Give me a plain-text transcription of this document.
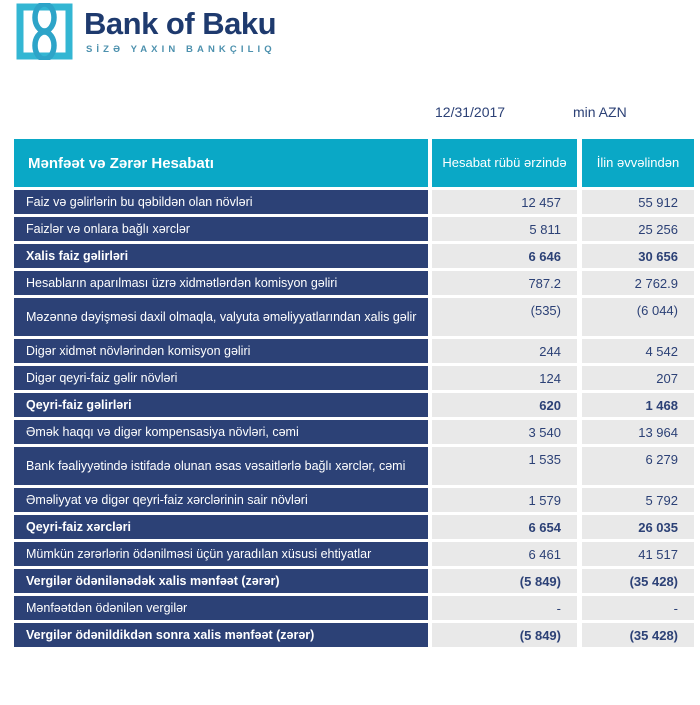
Bank of Baku
SİZƏ YAXIN BANKÇILIQ
12/31/2017	min AZN
Mənfəət və Zərər Hesabatı	Hesabat rübü ərzində	İlin əvvəlindən
Faiz və gəlirlərin bu qəbildən olan növləri	12 457	55 912
Faizlər və onlara bağlı xərclər	5 811	25 256
Xalis faiz gəlirləri	6 646	30 656
Hesabların aparılması üzrə xidmətlərdən komisyon gəliri	787.2	2 762.9
Məzənnə dəyişməsi daxil olmaqla, valyuta əməliyyatlarından xalis gəlir	(535)	(6 044)
Digər xidmət növlərindən komisyon gəliri	244	4 542
Digər qeyri-faiz gəlir növləri	124	207
Qeyri-faiz gəlirləri	620	1 468
Əmək haqqı və digər kompensasiya növləri, cəmi	3 540	13 964
Bank fəaliyyətində istifadə olunan əsas vəsaitlərlə bağlı xərclər, cəmi	1 535	6 279
Əməliyyat və digər qeyri-faiz xərclərinin sair növləri	1 579	5 792
Qeyri-faiz xərcləri	6 654	26 035
Mümkün zərərlərin ödənilməsi üçün yaradılan xüsusi ehtiyatlar	6 461	41 517
Vergilər ödənilənədək xalis mənfəət (zərər)	(5 849)	(35 428)
Mənfəətdən ödənilən vergilər	-	-
Vergilər ödənildikdən sonra xalis mənfəət (zərər)	(5 849)	(35 428)
